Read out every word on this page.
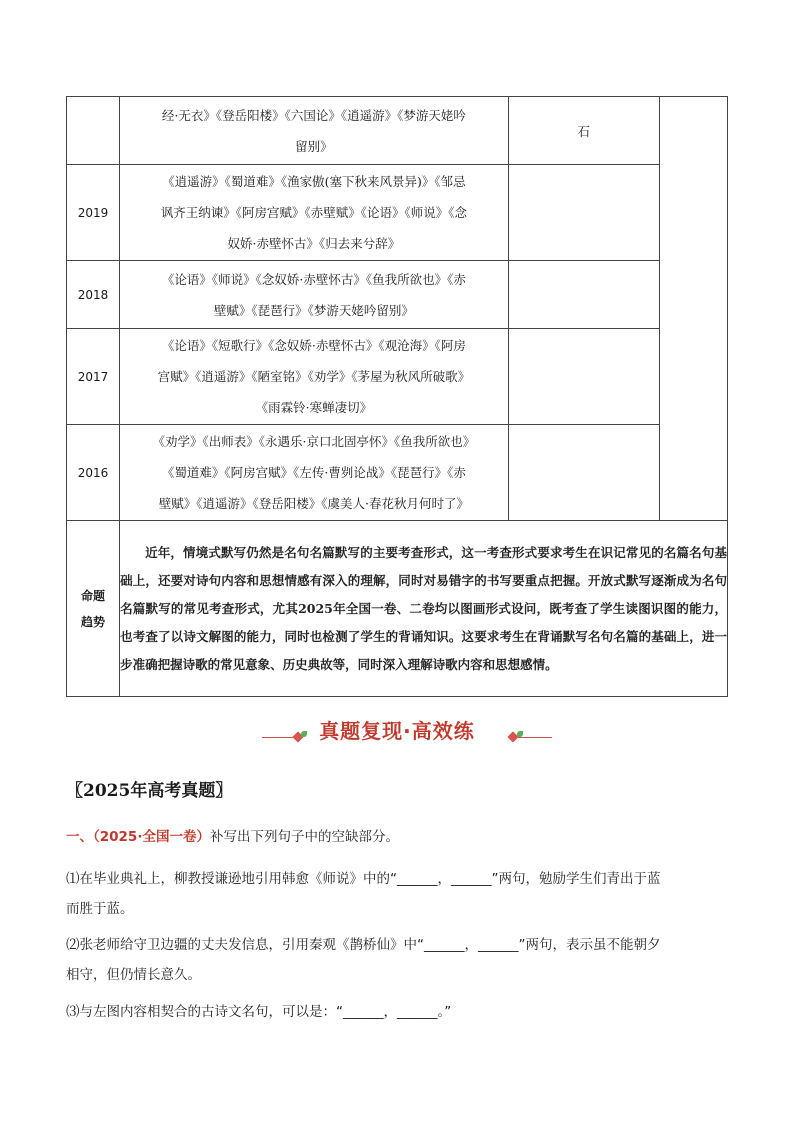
	经·无衣》《登岳阳楼》《六国论》《逍遥游》《梦游天姥吟
留别》	石	
2019	《逍遥游》《蜀道难》《渔家傲(塞下秋来风景异)》《邹忌
讽齐王纳谏》《阿房宫赋》《赤壁赋》《论语》《师说》《念
奴娇·赤壁怀古》《归去来兮辞》		

2018	《论语》《师说》《念奴娇·赤壁怀古》《鱼我所欲也》《赤
壁赋》《琵琶行》《梦游天姥吟留别》		

2017	《论语》《短歌行》《念奴娇·赤壁怀古》《观沧海》《阿房
宫赋》《逍遥游》《陋室铭》《劝学》《茅屋为秋风所破歌》
《雨霖铃·寒蝉凄切》		

2016	《劝学》《出师表》《永遇乐·京口北固亭怀》《鱼我所欲也》
《蜀道难》《阿房宫赋》《左传·曹刿论战》《琵琶行》《赤
壁赋》《逍遥游》《登岳阳楼》《虞美人·春花秋月何时了》		

命题
趋势	近年，情境式默写仍然是名句名篇默写的主要考查形式，这一考查形式要求考生在识记常见的名篇名句基础上，还要对诗句内容和思想情感有深入的理解，同时对易错字的书写要重点把握。开放式默写逐渐成为名句名篇默写的常见考查形式，尤其2025年全国一卷、二卷均以图画形式设问，既考查了学生读图识图的能力，也考查了以诗文解图的能力，同时也检测了学生的背诵知识。这要求考生在背诵默写名句名篇的基础上，进一步准确把握诗歌的常见意象、历史典故等，同时深入理解诗歌内容和思想感情。		

真题复现·高效练
〖2025年高考真题〗
一、（2025·全国一卷）补写出下列句子中的空缺部分。
⑴在毕业典礼上，柳教授谦逊地引用韩愈《师说》中的“______，______”两句，勉励学生们青出于蓝
而胜于蓝。
⑵张老师给守卫边疆的丈夫发信息，引用秦观《鹊桥仙》中“______，______”两句，表示虽不能朝夕
相守，但仍情长意久。
⑶与左图内容相契合的古诗文名句，可以是：“______，______。”
